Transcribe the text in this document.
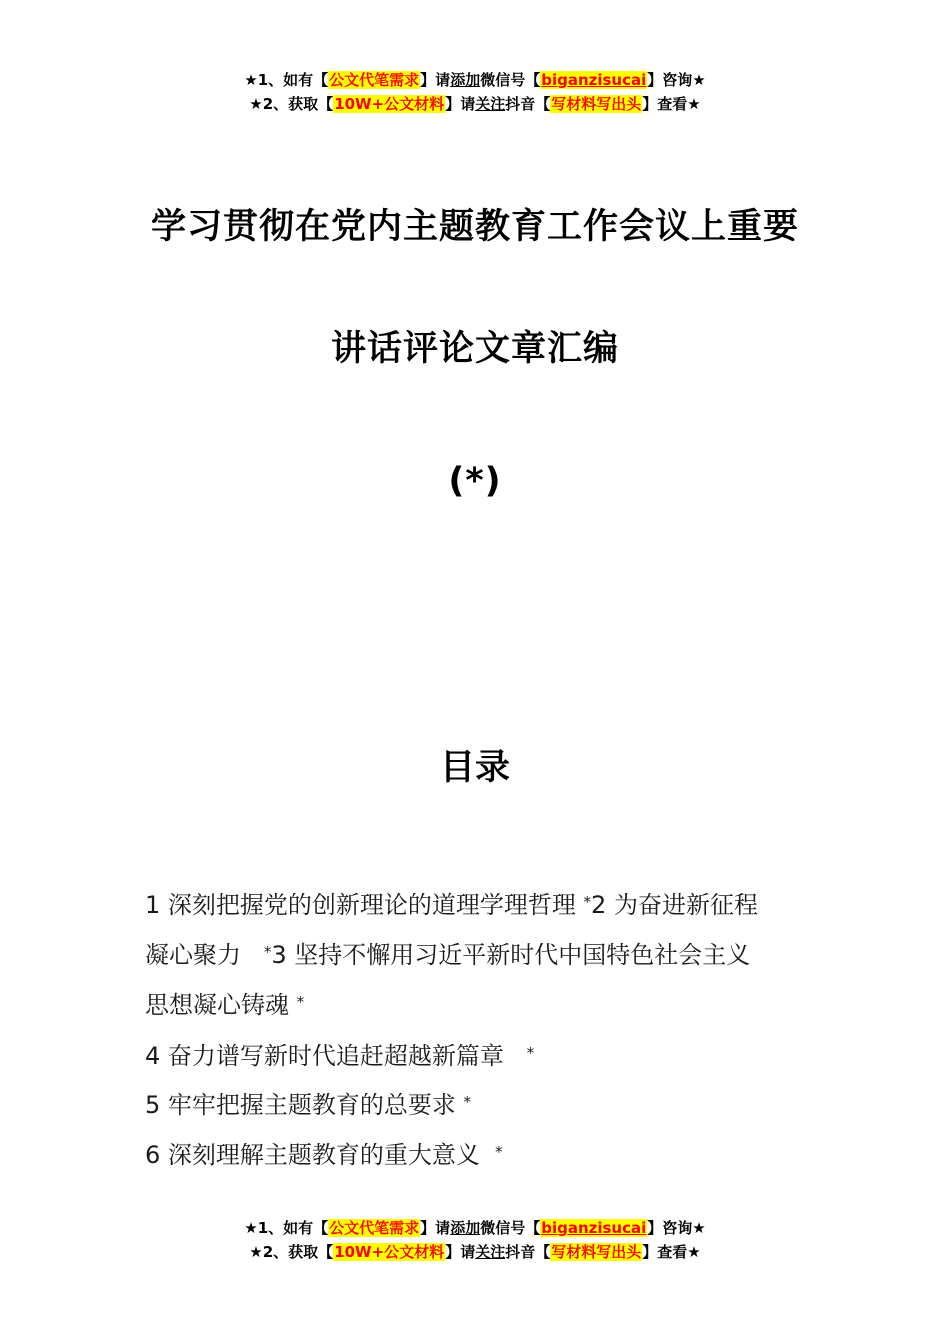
★1、如有【公文代笔需求】请添加微信号【biganzisucai】咨询★
★2、获取【10W+公文材料】请关注抖音【写材料写出头】查看★
学习贯彻在党内主题教育工作会议上重要
讲话评论文章汇编
(*)
目录
1 深刻把握党的创新理论的道理学理哲理 *2 为奋进新征程
凝心聚力 *3 坚持不懈用习近平新时代中国特色社会主义
思想凝心铸魂 *
4 奋力谱写新时代追赶超越新篇章 *
5 牢牢把握主题教育的总要求 *
6 深刻理解主题教育的重大意义 *
★1、如有【公文代笔需求】请添加微信号【biganzisucai】咨询★
★2、获取【10W+公文材料】请关注抖音【写材料写出头】查看★
